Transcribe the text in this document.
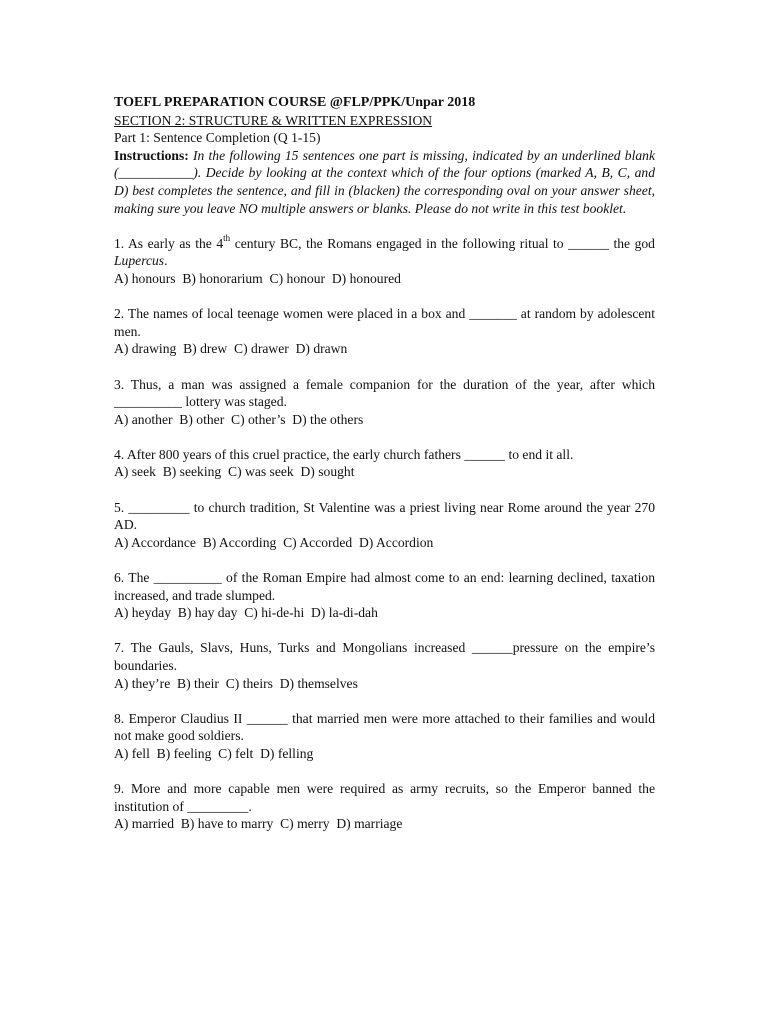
TOEFL PREPARATION COURSE @FLP/PPK/Unpar 2018
SECTION 2: STRUCTURE & WRITTEN EXPRESSION
Part 1: Sentence Completion (Q 1-15)
Instructions: In the following 15 sentences one part is missing, indicated by an underlined blank (___________). Decide by looking at the context which of the four options (marked A, B, C, and D) best completes the sentence, and fill in (blacken) the corresponding oval on your answer sheet, making sure you leave NO multiple answers or blanks. Please do not write in this test booklet.
1. As early as the 4th century BC, the Romans engaged in the following ritual to ______ the god Lupercus.
A) honours  B) honorarium  C) honour  D) honoured
2. The names of local teenage women were placed in a box and _______ at random by adolescent men.
A) drawing  B) drew  C) drawer  D) drawn
3. Thus, a man was assigned a female companion for the duration of the year, after which __________ lottery was staged.
A) another  B) other  C) other’s  D) the others
4. After 800 years of this cruel practice, the early church fathers ______ to end it all.
A) seek  B) seeking  C) was seek  D) sought
5. _________ to church tradition, St Valentine was a priest living near Rome around the year 270 AD.
A) Accordance  B) According  C) Accorded  D) Accordion
6. The __________ of the Roman Empire had almost come to an end: learning declined, taxation increased, and trade slumped.
A) heyday  B) hay day  C) hi-de-hi  D) la-di-dah
7. The Gauls, Slavs, Huns, Turks and Mongolians increased ______pressure on the empire’s boundaries.
A) they’re  B) their  C) theirs  D) themselves
8. Emperor Claudius II ______ that married men were more attached to their families and would not make good soldiers.
A) fell  B) feeling  C) felt  D) felling
9. More and more capable men were required as army recruits, so the Emperor banned the institution of _________.
A) married  B) have to marry  C) merry  D) marriage
